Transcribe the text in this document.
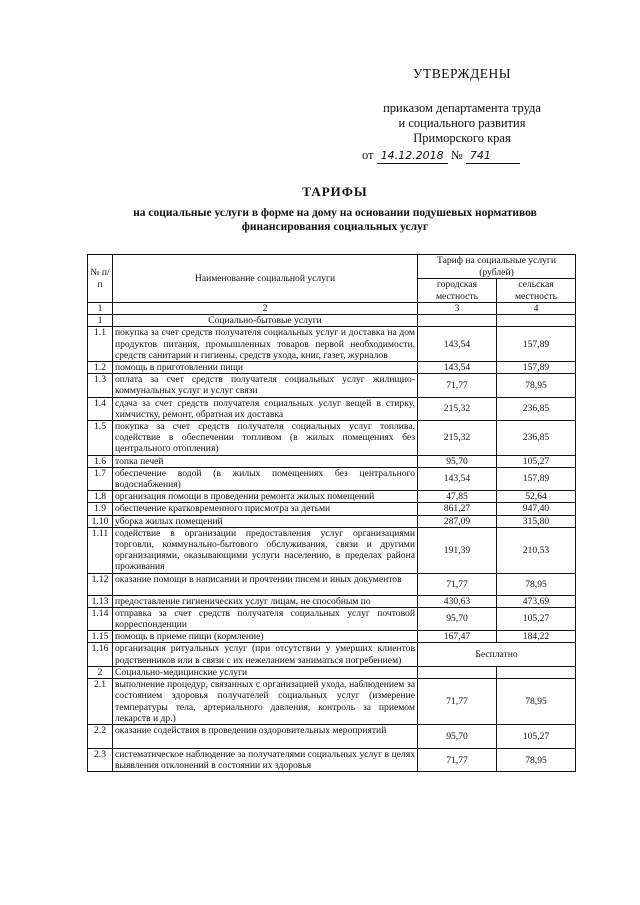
УТВЕРЖДЕНЫ
приказом департамента труда
и социального развития
Приморского края
от 14.12.2018 № 741
ТАРИФЫ
на социальные услуги в форме на дому на основании подушевых нормативов финансирования социальных услуг
№ п/п	Наименование социальной услуги	Тариф на социальные услуги (рублей)	
		городская местность	сельская местность
1	2	3	4
1	Социально-бытовые услуги		
1.1	покупка за счет средств получателя социальных услуг и доставка на дом продуктов питания, промышленных товаров первой необходимости, средств санитарии и гигиены, средств ухода, книг, газет, журналов	143,54	157,89
1.2	помощь в приготовлении пищи	143,54	157,89
1.3	оплата за счет средств получателя социальных услуг жилищно-коммунальных услуг и услуг связи	71,77	78,95
1.4	сдача за счет средств получателя социальных услуг вещей в стирку, химчистку, ремонт, обратная их доставка	215,32	236,85
1.5	покупка за счет средств получателя социальных услуг топлива, содействие в обеспечении топливом (в жилых помещениях без центрального отопления)	215,32	236,85
1.6	топка печей	95,70	105,27
1.7	обеспечение водой (в жилых помещениях без центрального водоснабжения)	143,54	157,89
1.8	организация помощи в проведении ремонта жилых помещений	47,85	52,64
1.9	обеспечение кратковременного присмотра за детьми	861,27	947,40
1.10	уборка жилых помещений	287,09	315,80
1.11	содействие в организации предоставления услуг организациями торговли, коммунально-бытового обслуживания, связи и другими организациями, оказывающими услуги населению, в пределах района проживания	191,39	210,53
1.12	оказание помощи в написании и прочтении писем и иных документов	71,77	78,95
1.13	предоставление гигиенических услуг лицам, не способным по	430,63	473,69
1.14	отправка за счет средств получателя социальных услуг почтовой корреспонденции	95,70	105,27
1.15	помощь в приеме пищи (кормление)	167,47	184,22
1.16	организация ритуальных услуг (при отсутствии у умерших клиентов родственников или в связи с их нежеланием заниматься погребением)	Бесплатно	
2	Социально-медицинские услуги		
2.1	выполнение процедур, связанных с организацией ухода, наблюдением за состоянием здоровья получателей социальных услуг (измерение температуры тела, артериального давления, контроль за приемом лекарств и др.)	71,77	78,95
2.2	оказание содействия в проведении оздоровительных мероприятий	95,70	105,27
2.3	систематическое наблюдение за получателями социальных услуг в целях выявления отклонений в состоянии их здоровья	71,77	78,95
